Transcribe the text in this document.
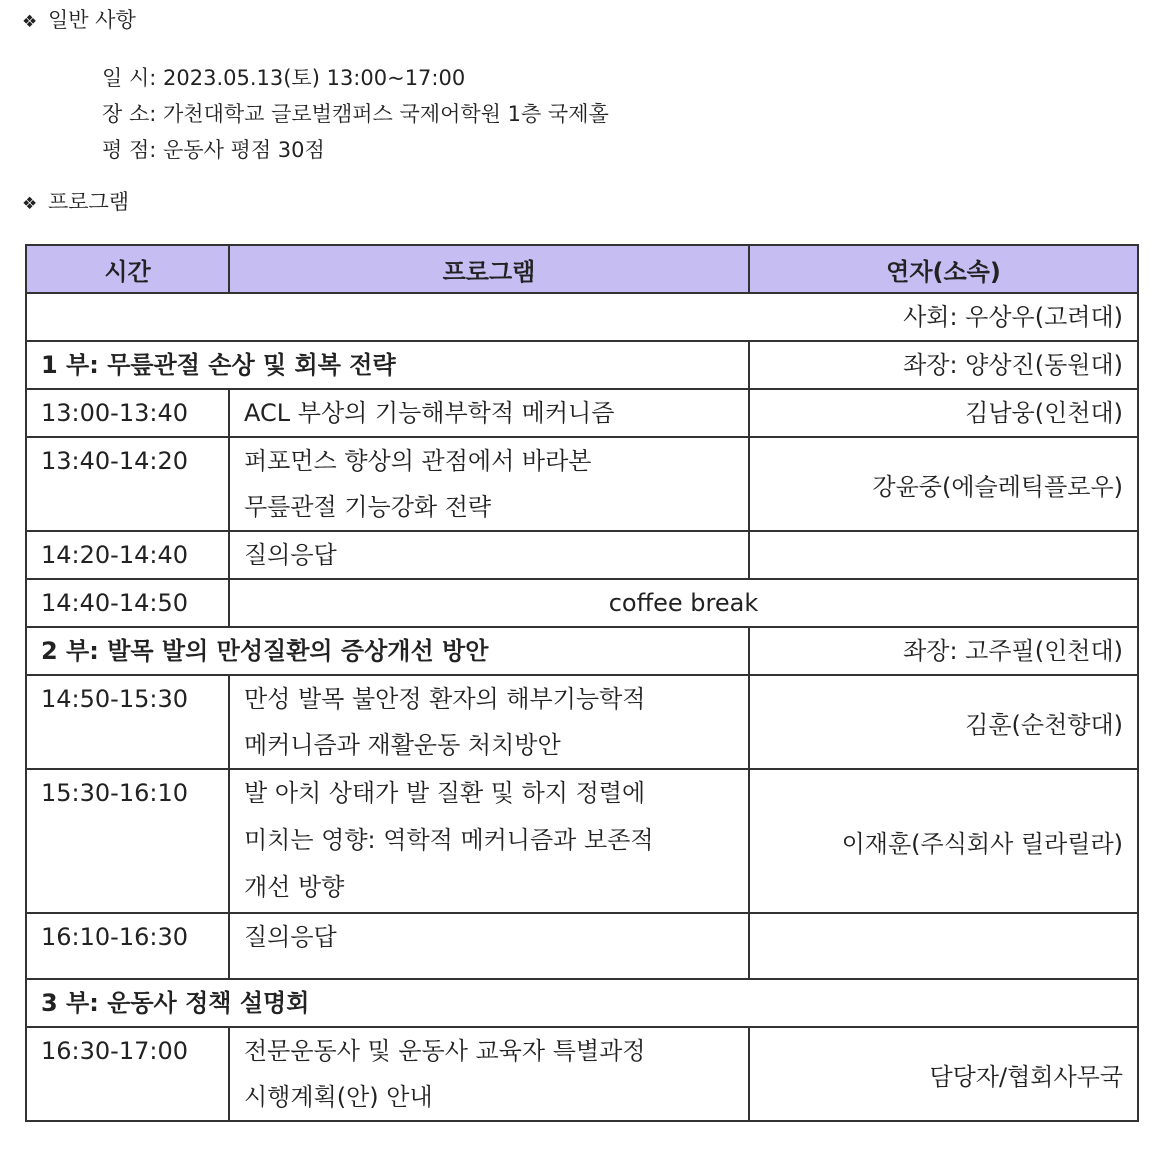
❖ 일반 사항
일 시: 2023.05.13(토) 13:00~17:00
장 소: 가천대학교 글로벌캠퍼스 국제어학원 1층 국제홀
평 점: 운동사 평점 30점
❖ 프로그램
시간	프로그램	연자(소속)
사회: 우상우(고려대)		
1 부: 무릎관절 손상 및 회복 전략		좌장: 양상진(동원대)
13:00-13:40	ACL 부상의 기능해부학적 메커니즘	김남웅(인천대)
13:40-14:20	퍼포먼스 향상의 관점에서 바라본
무릎관절 기능강화 전략	강윤중(에슬레틱플로우)
14:20-14:40	질의응답	
14:40-14:50	coffee break	
2 부: 발목 발의 만성질환의 증상개선 방안		좌장: 고주필(인천대)
14:50-15:30	만성 발목 불안정 환자의 해부기능학적
메커니즘과 재활운동 처치방안	김훈(순천향대)
15:30-16:10	발 아치 상태가 발 질환 및 하지 정렬에
미치는 영향: 역학적 메커니즘과 보존적
개선 방향	이재훈(주식회사 릴라릴라)
16:10-16:30	질의응답	
3 부: 운동사 정책 설명회		
16:30-17:00	전문운동사 및 운동사 교육자 특별과정
시행계획(안) 안내	담당자/협회사무국
